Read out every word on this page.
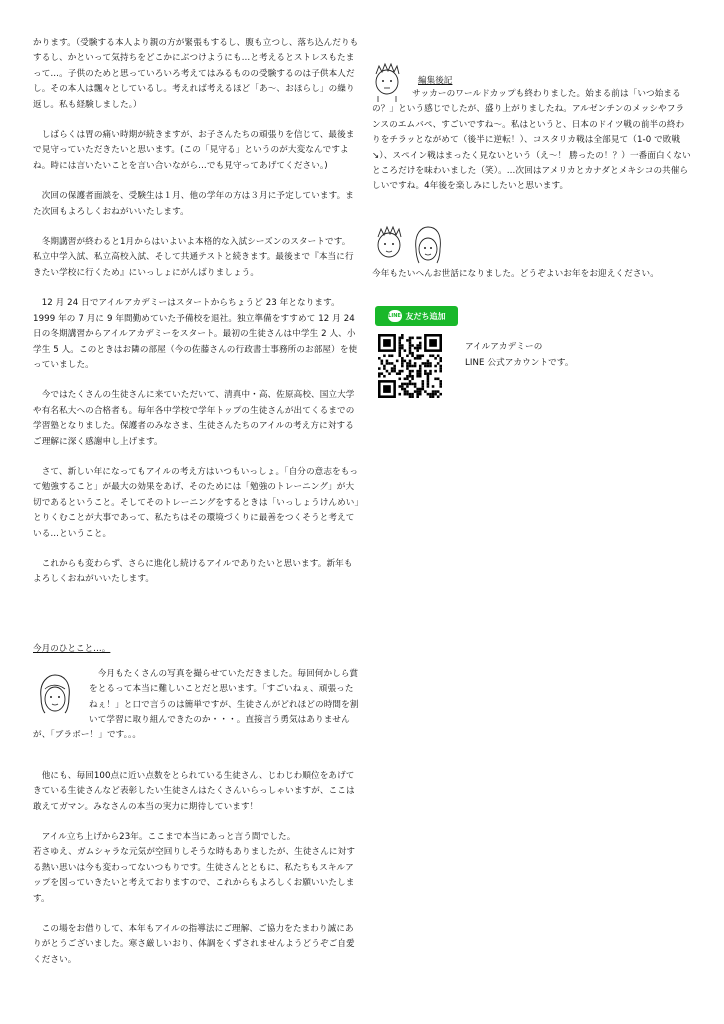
かります。（受験する本人より親の方が緊張もするし、腹も立つし、落ち込んだりもするし、かといって気持ちをどこかにぶつけようにも…と考えるとストレスもたまって…。子供のためと思っていろいろ考えてはみるものの受験するのは子供本人だし。その本人は飄々としているし。考えれば考えるほど「あ〜、おほらし」の繰り返し。私も経験しました。）

　しばらくは胃の痛い時期が続きますが、お子さんたちの頑張りを信じて、最後まで見守っていただきたいと思います。(この「見守る」というのが大変なんですよね。時には言いたいことを言い合いながら…でも見守ってあげてください。)

　次回の保護者面談を、受験生は１月、他の学年の方は３月に予定しています。また次回もよろしくおねがいいたします。

　冬期講習が終わると1月からはいよいよ本格的な入試シーズンのスタートです。私立中学入試、私立高校入試、そして共通テストと続きます。最後まで『本当に行きたい学校に行くため』にいっしょにがんばりましょう。

　12 月 24 日でアイルアカデミーはスタートからちょうど 23 年となります。1999 年の 7 月に 9 年間勤めていた予備校を退社。独立準備をすすめて 12 月 24 日の冬期講習からアイルアカデミーをスタート。最初の生徒さんは中学生 2 人、小学生 5 人。このときはお隣の部屋（今の佐藤さんの行政書士事務所のお部屋）を使っていました。

　今ではたくさんの生徒さんに来ていただいて、清真中・高、佐原高校、国立大学や有名私大への合格者も。毎年各中学校で学年トップの生徒さんが出てくるまでの学習塾となりました。保護者のみなさま、生徒さんたちのアイルの考え方に対するご理解に深く感謝申し上げます。

　さて、新しい年になってもアイルの考え方はいつもいっしょ。「自分の意志をもって勉強すること」が最大の効果をあげ、そのためには「勉強のトレーニング」が大切であるということ。そしてそのトレーニングをするときは「いっしょうけんめい」とりくむことが大事であって、私たちはその環境づくりに最善をつくそうと考えている…ということ。

　これからも変わらず、さらに進化し続けるアイルでありたいと思います。新年もよろしくおねがいいたします。

今月のひとこと…。

　今月もたくさんの写真を撮らせていただきました。毎回何かしら賞をとるって本当に難しいことだと思います。「すごいねぇ、頑張ったねぇ！」と口で言うのは簡単ですが、生徒さんがどれほどの時間を割いて学習に取り組んできたのか・・・。直接言う勇気はありませんが、「ブラボー！」です。。。

　他にも、毎回100点に近い点数をとられている生徒さん、じわじわ順位をあげてきている生徒さんなど表彰したい生徒さんはたくさんいらっしゃいますが、ここは敢えてガマン。みなさんの本当の実力に期待しています！

　アイル立ち上げから23年。ここまで本当にあっと言う間でした。
若さゆえ、ガムシャラな元気が空回りしそうな時もありましたが、生徒さんに対する熱い思いは今も変わってないつもりです。生徒さんとともに、私たちもスキルアップを図っていきたいと考えておりますので、これからもよろしくお願いいたします。

　この場をお借りして、本年もアイルの指導法にご理解、ご協力をたまわり誠にありがとうございました。寒さ厳しいおり、体調をくずされませんようどうぞご自愛ください。

編集後記

サッカーのワールドカップも終わりました。始まる前は「いつ始まるの？」という感じでしたが、盛り上がりましたね。アルゼンチンのメッシやフランスのエムバペ、すごいですね〜。私はというと、日本のドイツ戦の前半の終わりをチラッとながめて（後半に逆転！）、コスタリカ戦は全部見て（1-0 で敗戦↘）、スペイン戦はまったく見ないという（え〜！ 勝ったの！？）一番面白くないところだけを味わいました（笑）。…次回はアメリカとカナダとメキシコの共催らしいですね。4年後を楽しみにしたいと思います。

今年もたいへんお世話になりました。どうぞよいお年をお迎えください。

LINE 友だち追加

アイルアカデミーの
LINE 公式アカウントです。
